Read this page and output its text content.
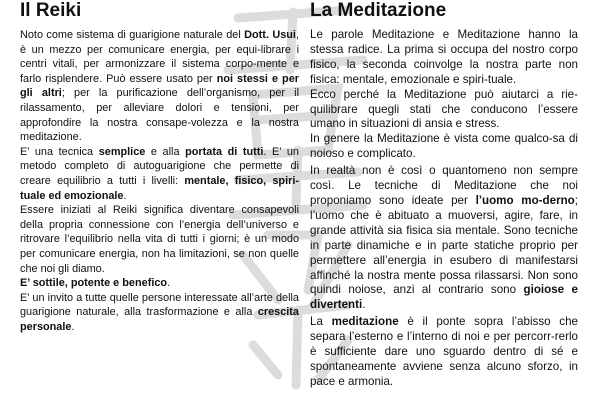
Il Reiki

Noto come sistema di guarigione naturale del Dott. Usui, è un mezzo per comunicare energia, per equi-librare i centri vitali, per armonizzare il sistema corpo-mente e farlo risplendere. Può essere usato per noi stessi e per gli altri; per la purificazione dell’organismo, per il rilassamento, per alleviare dolori e tensioni, per approfondire la nostra consape-volezza e la nostra meditazione.

E’ una tecnica semplice e alla portata di tutti. E’ un metodo completo di autoguarigione che permette di creare equilibrio a tutti i livelli: mentale, fisico, spiri-tuale ed emozionale.

Essere iniziati al Reiki significa diventare consapevoli della propria connessione con l’energia dell’universo e ritrovare l’equilibrio nella vita di tutti i giorni; è un modo per comunicare energia, non ha limitazioni, se non quelle che noi gli diamo.

E’ sottile, potente e benefico.

E’ un invito a tutte quelle persone interessate all’arte della guarigione naturale, alla trasformazione e alla crescita personale.

La Meditazione

Le parole Meditazione e Meditazione hanno la stessa radice. La prima si occupa del nostro corpo fisico, la seconda coinvolge la nostra parte non fisica: mentale, emozionale e spiri-tuale.

Ecco perché la Meditazione può aiutarci a rie-quilibrare quegli stati che conducono l’essere umano in situazioni di ansia e stress.

In genere la Meditazione è vista come qualco-sa di noioso e complicato.

In realtà non è così o quantomeno non sempre così. Le tecniche di Meditazione che noi proponiamo sono ideate per l’uomo mo-derno; l’uomo che è abituato a muoversi, agire, fare, in grande attività sia fisica sia mentale. Sono tecniche in parte dinamiche e in parte statiche proprio per permettere all’energia in esubero di manifestarsi affinché la nostra mente possa rilassarsi. Non sono quindi noiose, anzi al contrario sono gioiose e divertenti.

La meditazione è il ponte sopra l’abisso che separa l’esterno e l’interno di noi e per percorr-rerlo è sufficiente dare uno sguardo dentro di sé e spontaneamente avviene senza alcuno sforzo, in pace e armonia.
